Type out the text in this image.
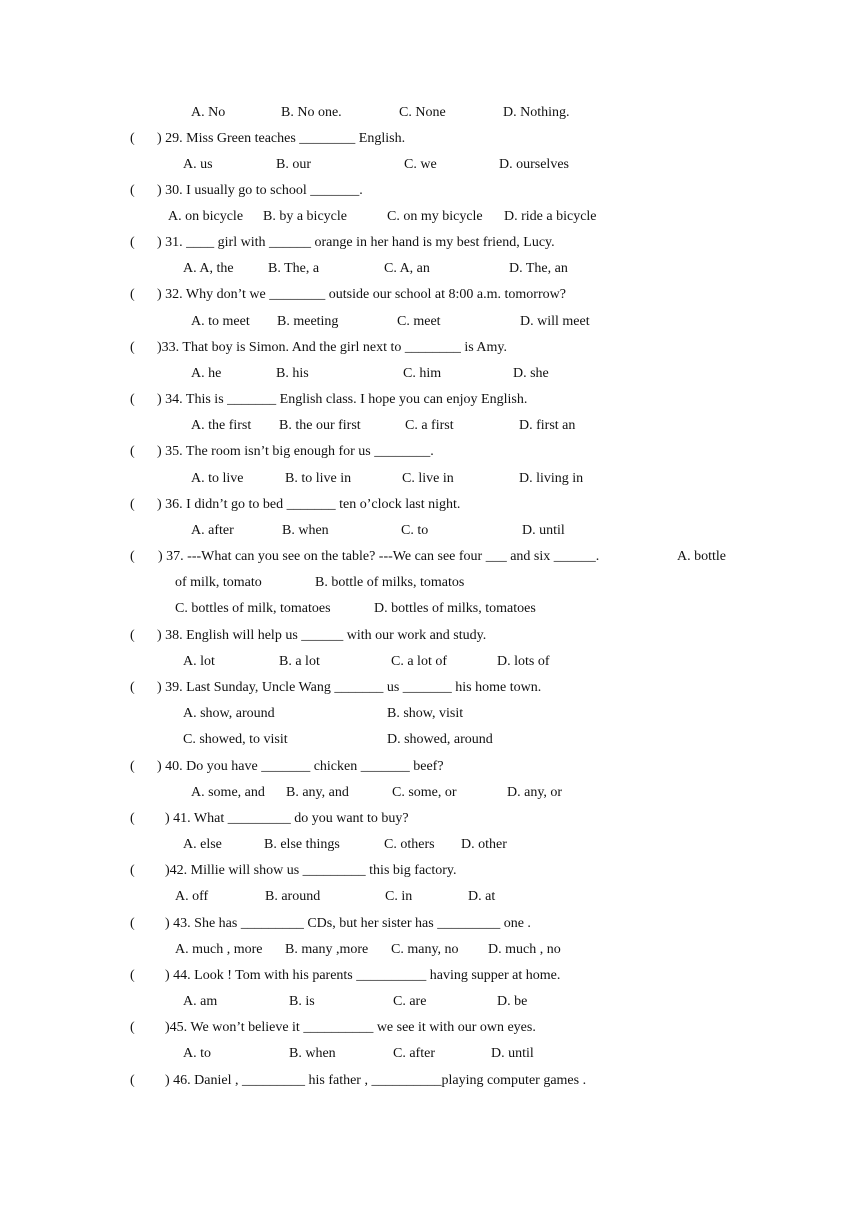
A. No	B. No one.	C. None	D. Nothing.
( ) 29. Miss Green teaches ________ English.
A. us	B. our	C. we	D. ourselves
( ) 30. I usually go to school _______.
A. on bicycle B. by a bicycle	C. on my bicycle D. ride a bicycle
( ) 31. ____ girl with ______ orange in her hand is my best friend, Lucy.
A. A, the B. The, a	C. A, an	D. The, an
( ) 32. Why don’t we ________ outside our school at 8:00 a.m. tomorrow?
A. to meet B. meeting	C. meet	D. will meet
( )33. That boy is Simon. And the girl next to ________ is Amy.
A. he	B. his	C. him	D. she
( ) 34. This is _______ English class. I hope you can enjoy English.
A. the first B. the our first	C. a first	D. first an
( ) 35. The room isn’t big enough for us ________.
A. to live	B. to live in	C. live in	D. living in
( ) 36. I didn’t go to bed _______ ten o’clock last night.
A. after	B. when	C. to	D. until
( ) 37. ---What can you see on the table? ---We can see four ___ and six ______.	A. bottle
of milk, tomato	B. bottle of milks, tomatos
C. bottles of milk, tomatoes	D. bottles of milks, tomatoes
( ) 38. English will help us ______ with our work and study.
A. lot	B. a lot	C. a lot of	D. lots of
( ) 39. Last Sunday, Uncle Wang _______ us _______ his home town.
A. show, around	B. show, visit
C. showed, to visit	D. showed, around
( ) 40. Do you have _______ chicken _______ beef?
A. some, and B. any, and	C. some, or	D. any, or
( ) 41. What _________ do you want to buy?
A. else	B. else things	C. others D. other
( )42. Millie will show us _________ this big factory.
A. off	B. around	C. in	D. at
( ) 43. She has _________ CDs, but her sister has _________ one .
A. much , more B. many ,more C. many, no D. much , no
( ) 44. Look ! Tom with his parents __________ having supper at home.
A. am	B. is	C. are	D. be
( )45. We won’t believe it __________ we see it with our own eyes.
A. to	B. when	C. after	D. until
( ) 46. Daniel , _________ his father , __________playing computer games .
